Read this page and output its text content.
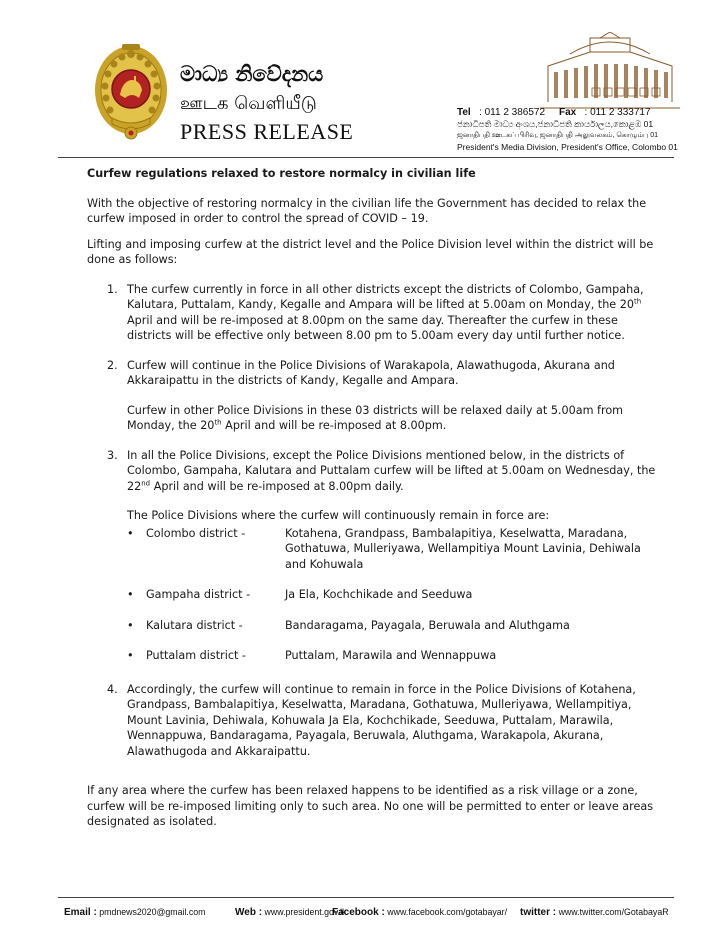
මාධ්‍ය නිවේදනය
ஊடக வெளியீடு
PRESS RELEASE
Tel : 011 2 386572 Fax : 011 2 333717
ජනාධිපති මාධ්‍ය අංශය,ජනාධිපති කාර්යාලය,කොළඹ 01
ஜனாதிபதி ஊடகப் பிரிவு, ஜனாதிபதி அலுவலகம், கொழும்பு 01
President's Media Division, President's Office, Colombo 01

Curfew regulations relaxed to restore normalcy in civilian life

With the objective of restoring normalcy in the civilian life the Government has decided to relax the curfew imposed in order to control the spread of COVID – 19.

Lifting and imposing curfew at the district level and the Police Division level within the district will be done as follows:

1. The curfew currently in force in all other districts except the districts of Colombo, Gampaha, Kalutara, Puttalam, Kandy, Kegalle and Ampara will be lifted at 5.00am on Monday, the 20th April and will be re-imposed at 8.00pm on the same day. Thereafter the curfew in these districts will be effective only between 8.00 pm to 5.00am every day until further notice.

2. Curfew will continue in the Police Divisions of Warakapola, Alawathugoda, Akurana and Akkaraipattu in the districts of Kandy, Kegalle and Ampara.

Curfew in other Police Divisions in these 03 districts will be relaxed daily at 5.00am from Monday, the 20th April and will be re-imposed at 8.00pm.

3. In all the Police Divisions, except the Police Divisions mentioned below, in the districts of Colombo, Gampaha, Kalutara and Puttalam curfew will be lifted at 5.00am on Wednesday, the 22nd April and will be re-imposed at 8.00pm daily.

The Police Divisions where the curfew will continuously remain in force are:

•	Colombo district -	Kotahena, Grandpass, Bambalapitiya, Keselwatta, Maradana, Gothatuwa, Mulleriyawa, Wellampitiya Mount Lavinia, Dehiwala and Kohuwala
•	Gampaha district -	Ja Ela, Kochchikade and Seeduwa
•	Kalutara district -	Bandaragama, Payagala, Beruwala and Aluthgama
•	Puttalam district -	Puttalam, Marawila and Wennappuwa
4. Accordingly, the curfew will continue to remain in force in the Police Divisions of Kotahena, Grandpass, Bambalapitiya, Keselwatta, Maradana, Gothatuwa, Mulleriyawa, Wellampitiya, Mount Lavinia, Dehiwala, Kohuwala Ja Ela, Kochchikade, Seeduwa, Puttalam, Marawila, Wennappuwa, Bandaragama, Payagala, Beruwala, Aluthgama, Warakapola, Akurana, Alawathugoda and Akkaraipattu.

If any area where the curfew has been relaxed happens to be identified as a risk village or a zone, curfew will be re-imposed limiting only to such area. No one will be permitted to enter or leave areas designated as isolated.

Email : pmdnews2020@gmail.com	Web : www.president.gov.lk
Facebook : www.facebook.com/gotabayar/ twitter : www.twitter.com/GotabayaR
